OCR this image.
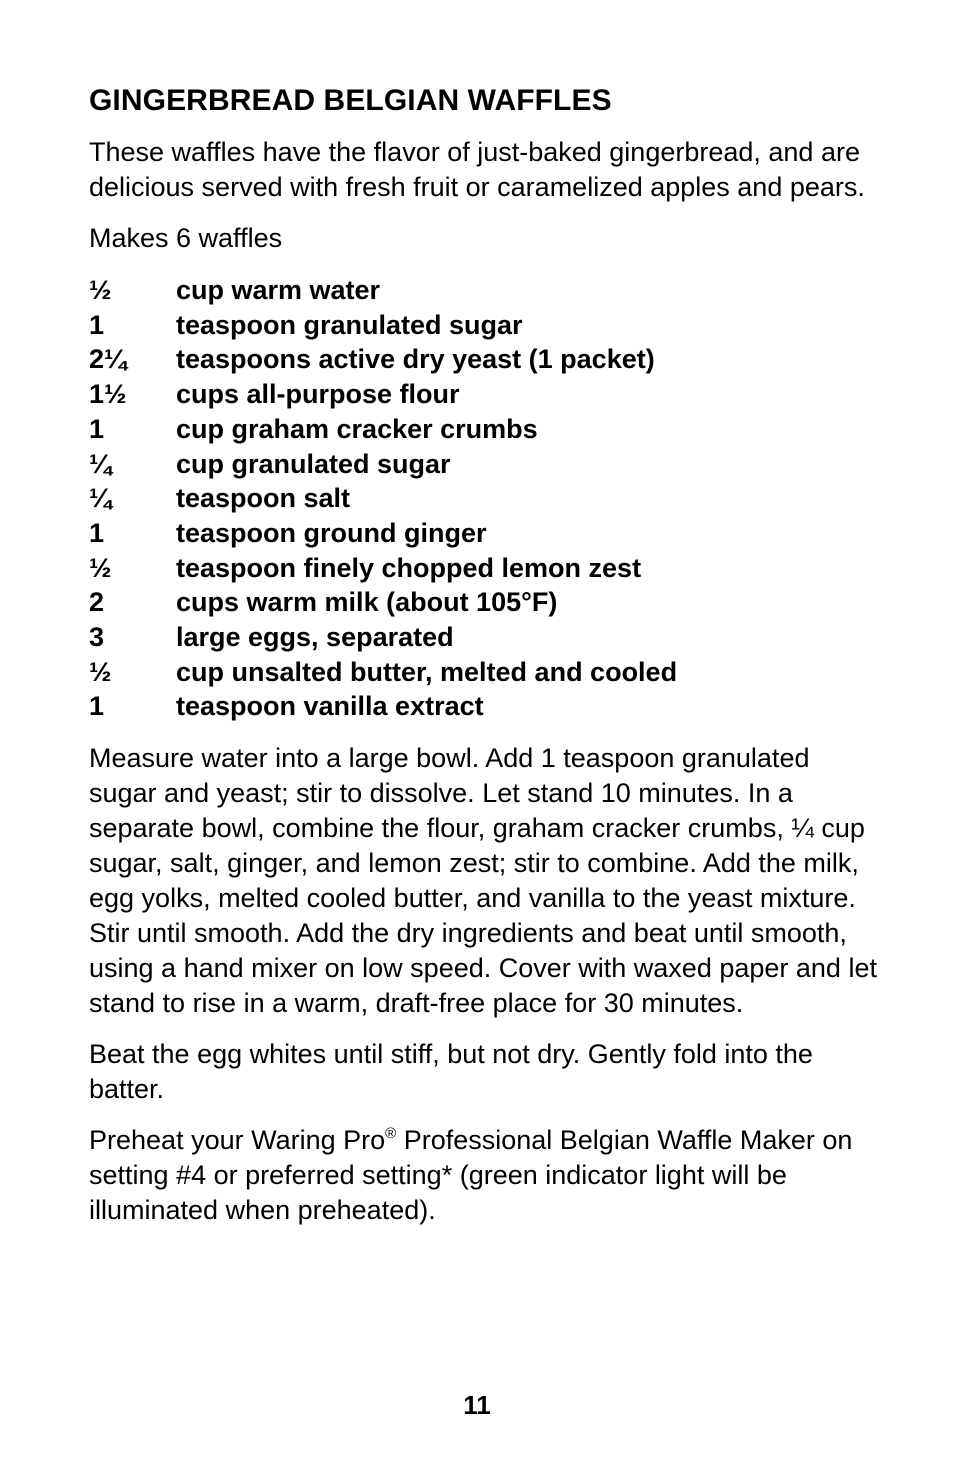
GINGERBREAD BELGIAN WAFFLES

These waffles have the flavor of just-baked gingerbread, and are delicious served with fresh fruit or caramelized apples and pears.

Makes 6 waffles

½	cup warm water
1	teaspoon granulated sugar
2¼	teaspoons active dry yeast (1 packet)
1½	cups all-purpose flour
1	cup graham cracker crumbs
¼	cup granulated sugar
¼	teaspoon salt
1	teaspoon ground ginger
½	teaspoon finely chopped lemon zest
2	cups warm milk (about 105°F)
3	large eggs, separated
½	cup unsalted butter, melted and cooled
1	teaspoon vanilla extract

Measure water into a large bowl. Add 1 teaspoon granulated sugar and yeast; stir to dissolve. Let stand 10 minutes. In a separate bowl, combine the flour, graham cracker crumbs, ¼ cup sugar, salt, ginger, and lemon zest; stir to combine. Add the milk, egg yolks, melted cooled butter, and vanilla to the yeast mixture. Stir until smooth. Add the dry ingredients and beat until smooth, using a hand mixer on low speed. Cover with waxed paper and let stand to rise in a warm, draft-free place for 30 minutes.

Beat the egg whites until stiff, but not dry. Gently fold into the batter.

Preheat your Waring Pro® Professional Belgian Waffle Maker on setting #4 or preferred setting* (green indicator light will be illuminated when preheated).

11
